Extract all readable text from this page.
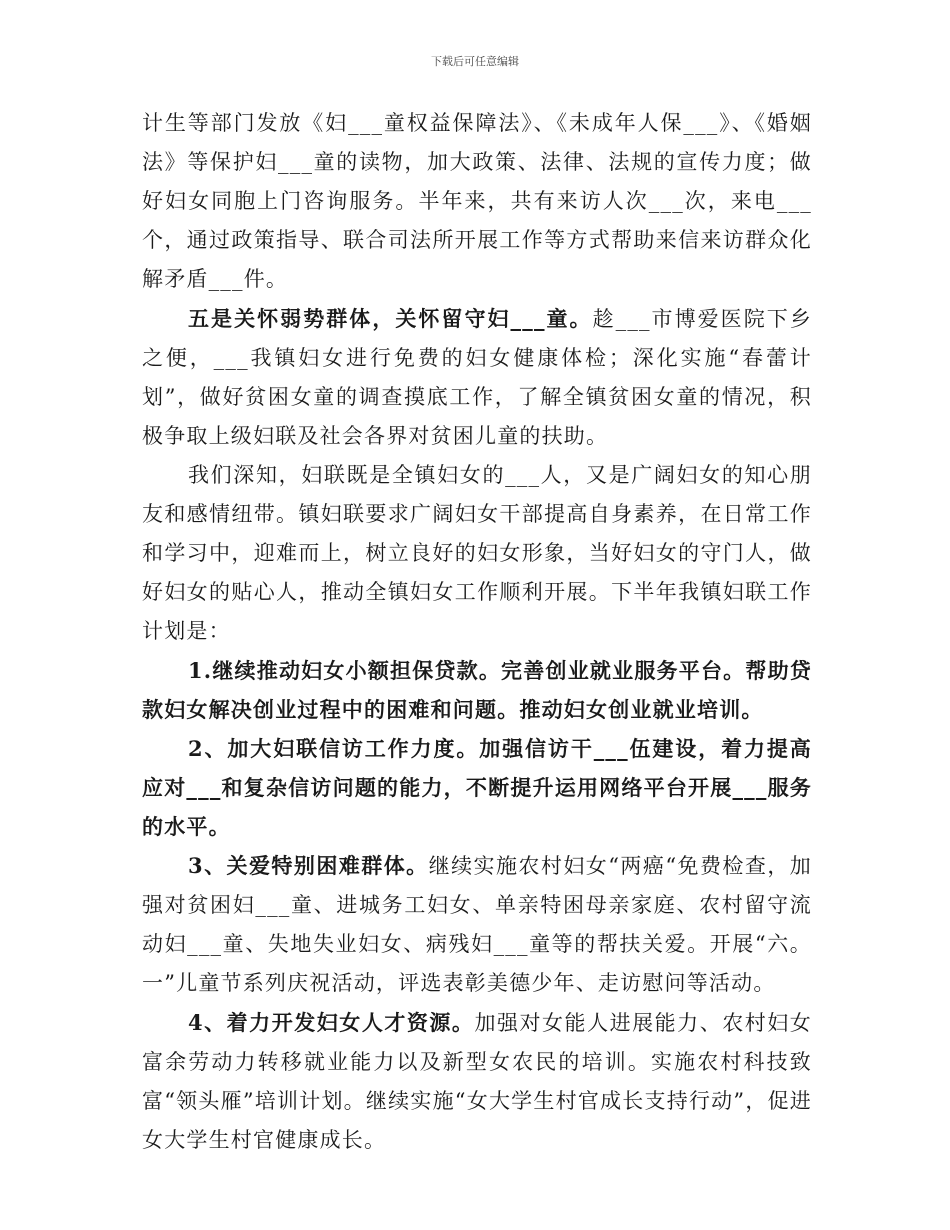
下载后可任意编辑

计生等部门发放《妇___童权益保障法》、《未成年人保___》、《婚姻法》等保护妇___童的读物，加大政策、法律、法规的宣传力度；做好妇女同胞上门咨询服务。半年来，共有来访人次___次，来电___个，通过政策指导、联合司法所开展工作等方式帮助来信来访群众化解矛盾___件。

五是关怀弱势群体，关怀留守妇___童。趁___市博爱医院下乡之便，___我镇妇女进行免费的妇女健康体检；深化实施“春蕾计划”，做好贫困女童的调查摸底工作，了解全镇贫困女童的情况，积极争取上级妇联及社会各界对贫困儿童的扶助。

我们深知，妇联既是全镇妇女的___人，又是广阔妇女的知心朋友和感情纽带。镇妇联要求广阔妇女干部提高自身素养，在日常工作和学习中，迎难而上，树立良好的妇女形象，当好妇女的守门人，做好妇女的贴心人，推动全镇妇女工作顺利开展。下半年我镇妇联工作计划是：

1.继续推动妇女小额担保贷款。完善创业就业服务平台。帮助贷款妇女解决创业过程中的困难和问题。推动妇女创业就业培训。

2、加大妇联信访工作力度。加强信访干___伍建设，着力提高应对___和复杂信访问题的能力，不断提升运用网络平台开展___服务的水平。

3、关爱特别困难群体。继续实施农村妇女“两癌“免费检查，加强对贫困妇___童、进城务工妇女、单亲特困母亲家庭、农村留守流动妇___童、失地失业妇女、病残妇___童等的帮扶关爱。开展“六。一”儿童节系列庆祝活动，评选表彰美德少年、走访慰问等活动。

4、着力开发妇女人才资源。加强对女能人进展能力、农村妇女富余劳动力转移就业能力以及新型女农民的培训。实施农村科技致富“领头雁”培训计划。继续实施“女大学生村官成长支持行动”，促进女大学生村官健康成长。
